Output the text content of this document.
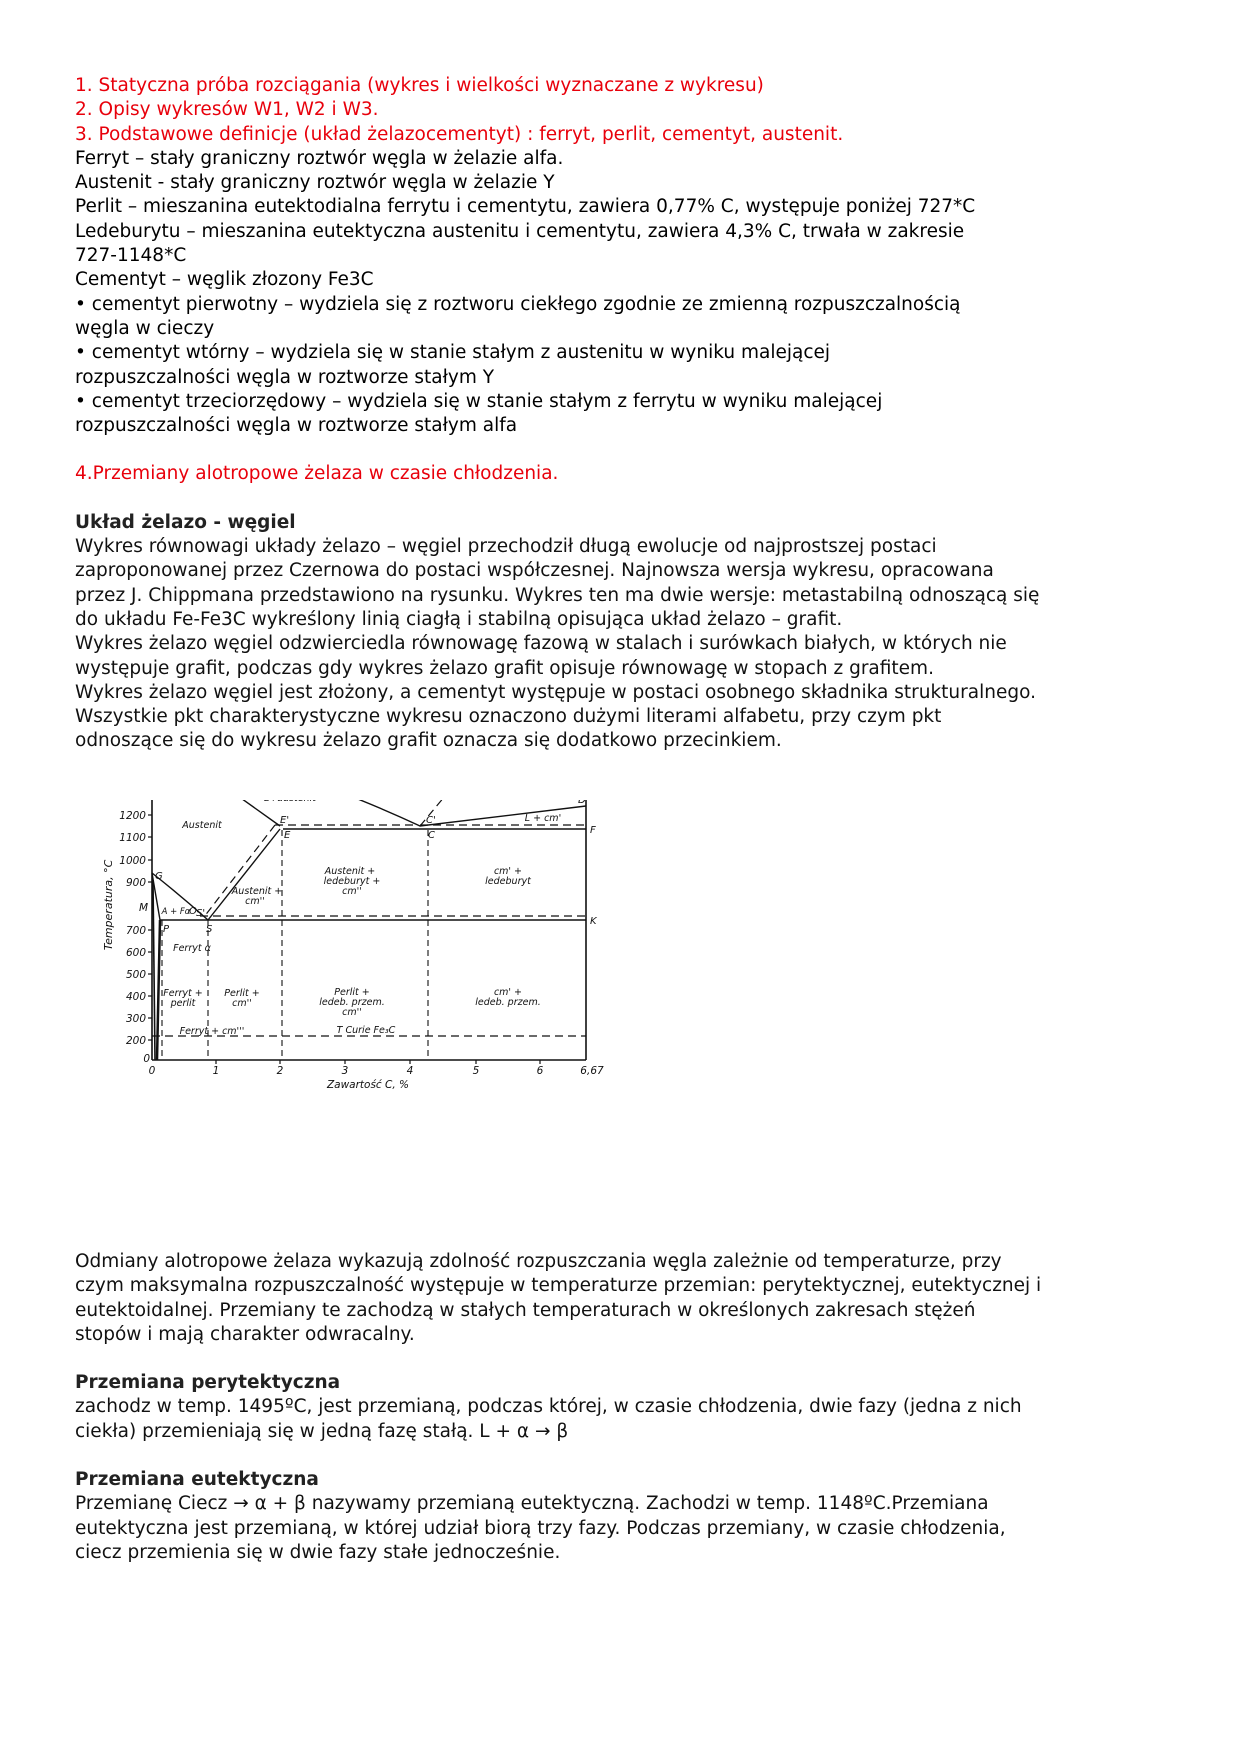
1. Statyczna próba rozciągania (wykres i wielkości wyznaczane z wykresu)
2. Opisy wykresów W1, W2 i W3.
3. Podstawowe definicje (układ żelazocementyt) : ferryt, perlit, cementyt, austenit.
Ferryt – stały graniczny roztwór węgla w żelazie alfa.
Austenit - stały graniczny roztwór węgla w żelazie Y
Perlit – mieszanina eutektodialna ferrytu i cementytu, zawiera 0,77% C, występuje poniżej 727*C
Ledeburytu – mieszanina eutektyczna austenitu i cementytu, zawiera 4,3% C, trwała w zakresie
727-1148*C
Cementyt – węglik złozony Fe3C
• cementyt pierwotny – wydziela się z roztworu ciekłego zgodnie ze zmienną rozpuszczalnością
węgla w cieczy
• cementyt wtórny – wydziela się w stanie stałym z austenitu w wyniku malejącej
rozpuszczalności węgla w roztworze stałym Y
• cementyt trzeciorzędowy – wydziela się w stanie stałym z ferrytu w wyniku malejącej
rozpuszczalności węgla w roztworze stałym alfa
4.Przemiany alotropowe żelaza w czasie chłodzenia.
Układ żelazo - węgiel
Wykres równowagi układy żelazo – węgiel przechodził długą ewolucje od najprostszej postaci
zaproponowanej przez Czernowa do postaci współczesnej. Najnowsza wersja wykresu, opracowana
przez J. Chippmana przedstawiono na rysunku. Wykres ten ma dwie wersje: metastabilną odnoszącą się
do układu Fe-Fe3C wykreślony linią ciagłą i stabilną opisująca układ żelazo – grafit.
Wykres żelazo węgiel odzwierciedla równowagę fazową w stalach i surówkach białych, w których nie
występuje grafit, podczas gdy wykres żelazo grafit opisuje równowagę w stopach z grafitem.
Wykres żelazo węgiel jest złożony, a cementyt występuje w postaci osobnego składnika strukturalnego.
Wszystkie pkt charakterystyczne wykresu oznaczono dużymi literami alfabetu, przy czym pkt
odnoszące się do wykresu żelazo grafit oznacza się dodatkowo przecinkiem.
1200
1100
1000
900
700
600
500
400
300
200
0
M
0	1	2	3	4	5	6	6,67
Zawartość C, %
Temperatura, °C
E'
E
C'
C
D
F
G
P	S
S'
O
K
Austenit
L + cm'
Austenit +
ledeburyt +
cm''
cm' +
ledeburyt
Austenit +
cm''
A + Fα
Ferryt α
Ferryt +
perlit
Perlit +
cm''
Perlit +
ledeb. przem.
cm''
cm' +
ledeb. przem.
Ferryt + cm'''	T Curie Fe₃C
Odmiany alotropowe żelaza wykazują zdolność rozpuszczania węgla zależnie od temperaturze, przy
czym maksymalna rozpuszczalność występuje w temperaturze przemian: perytektycznej, eutektycznej i
eutektoidalnej. Przemiany te zachodzą w stałych temperaturach w określonych zakresach stężeń
stopów i mają charakter odwracalny.
Przemiana perytektyczna
zachodz w temp. 1495ºC, jest przemianą, podczas której, w czasie chłodzenia, dwie fazy (jedna z nich
ciekła) przemieniają się w jedną fazę stałą. L + α → β
Przemiana eutektyczna
Przemianę Ciecz → α + β nazywamy przemianą eutektyczną. Zachodzi w temp. 1148ºC.Przemiana
eutektyczna jest przemianą, w której udział biorą trzy fazy. Podczas przemiany, w czasie chłodzenia,
ciecz przemienia się w dwie fazy stałe jednocześnie.
